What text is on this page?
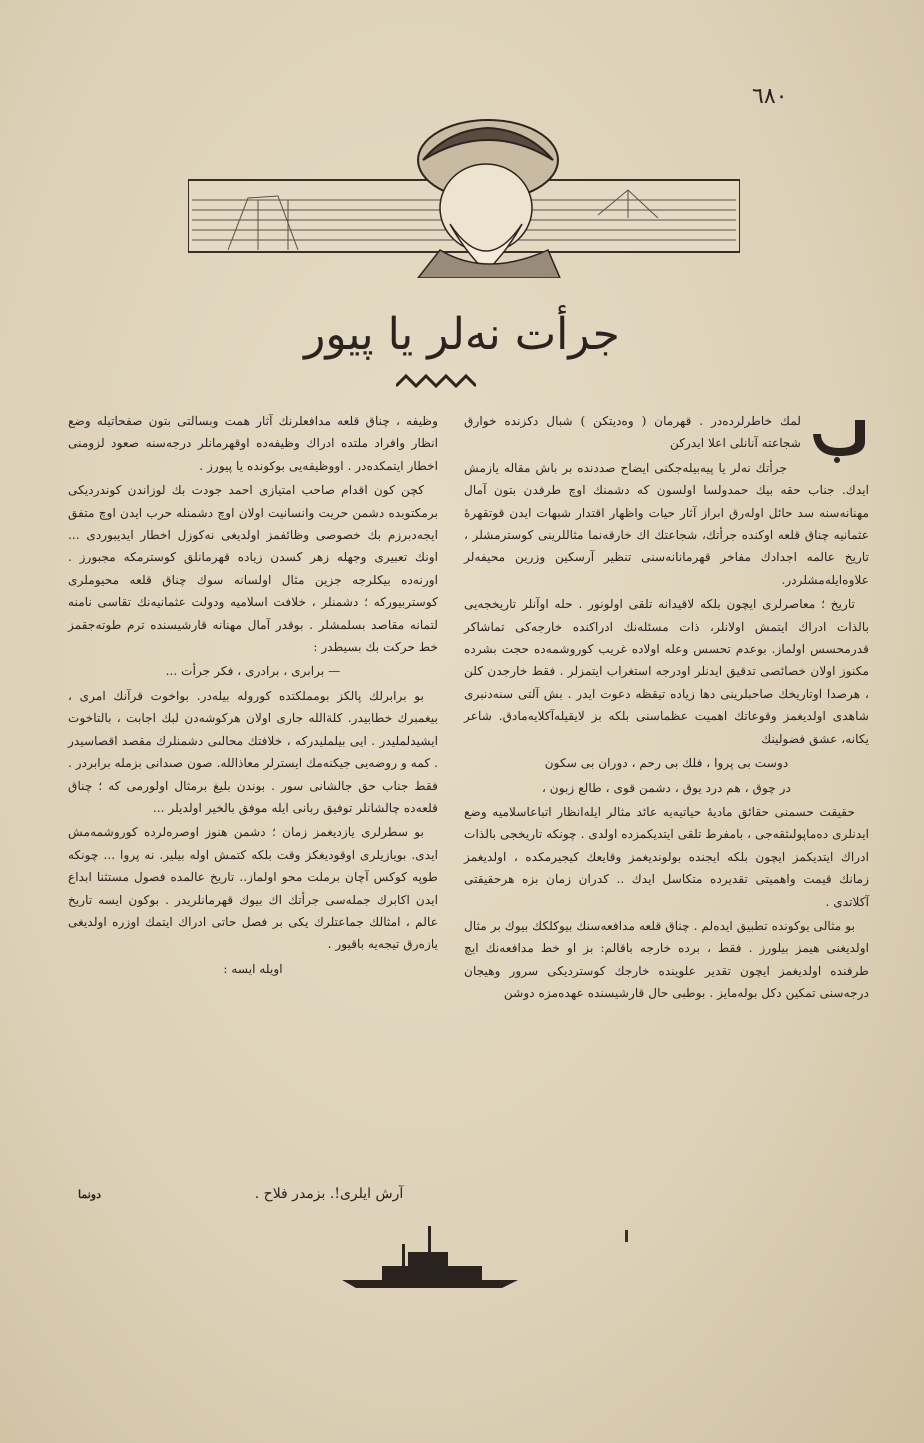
٦٨٠
جرأت نەلر يا پيور

لمك خاطرلردەدر . قهرمان ( وەدیتكن ) شبال دكزندە خوارق شجاعتە آنانلى اعلا ايدركن

جرأتك نەلر يا پيەبيلەجكنى ايضاح صددندە بر باش مقالە يازمش ايدك. جناب حقه بيك حمدولسا اولسون كە دشمنك اوچ طرفدن بتون آمال مهنانەسنە سد حائل اولەرق ابراز آثار حيات واظهار اقتدار شبهات ايدن قوتقهرۀ عثمانيه چناق قلعە اوكندە جرأتك، شجاعتك اك خارقەنما مثاللرينى كوسترمشلر ، تاريخ عالمه اجدادك مفاخر قهرمانانەسنى تنظير آرسكين وزرين محيفەلر علاوەايلەمشلردر.

تاريخ ؛ معاصرلرى ايچون بلكه لاقيدانه تلقى اولونور . حله اوآنلر تاريخجەيى بالذات ادراك ايتمش اولانلر، ذات مسئلەنك ادراكنده خارجەكى تماشاكر قدرمحسس اولماز. بوعدم تحسس وعلە اولادە غريب كوروشمەدە حجت بشرده مكنوز اولان خصائصى تدقيق ايدنلر اودرجه استغراب ايتمزلر . فقط خارجدن كلن ، هرصدا اوتاريخك صاحبلرينى دها زيادە تيقظه دعوت ايدر . بش آلتى سنەدنبرى شاهدى اولديغمز وقوعاتك اهميت عظماسنى بلكه بز لايقيلەآكلايەمادق. شاعر يكانه، عشق فضولينك

دوست بى پروا ، فلك بى رحم ، دوران بى سكون

در چوق ، هم درد يوق ، دشمن قوى ، طالع زبون ،

حقيقت حسمنى حقائق ماديۀ حياتيەيە عائد مثالر ايلەانظار اتباعاسلاميه وضع ايدنلرى دەماپولىثقەجى ، بامفرط تلقى ايتديكمزدە اولدى . چونكه تاريخجى بالذات ادراك ايتديكمز ايچون بلكه ايجنده بولونديغمز وقايعك كيجيرمكده ، اولديغمز زمانك قيمت واهميتى تقديرده متكاسل ايدك .. كدران زمان بزه هرحقيقتى آكلاتدى .

بو مثالى يوكوندە تطبيق ايدەلم . چناق قلعه مدافعەسنك بيوكلكك بيوك بر مثال اولديغنى هيمز بيلورز . فقط ، بردە خارجه باقالم: بز او خط مدافعەنك ايچ طرفندە اولديغمز ايچون تقدير علوينده خارجك كوستردیکی سرور وهيجان درجەسنى تمكين دكل بولەمايز . بوطبى حال قارشيسنده عهدەمزه دوشن

وظيفه ، چناق قلعه مدافعلرنك آثار همت وبسالتى بتون صفحاتيلە وضع انظار وافراد ملتدە ادراك وظيفەدە اوقهرمانلر درجەسنە صعود لزومنى اخطار ايتمكدەدر . اووظيفەيى بوكوندە يا پيورز .

كچن كون اقدام صاحب امتيازى احمد جودت بك لوزاندن كوندرديكى برمكتوبدە دشمن حريت وانسانيت اولان اوچ دشمنلە حرب ايدن اوچ متفق ايجەدبرزم بك خصوصى وظائفمز اولديغى نەكوزل اخطار ايديبوردى ... اونك تعبيرى وجهلە زهر كسدن زيادە قهرمانلق كوسترمكه مجبورز . اورنەدە بيكلرجه جزين مثال اولسانە سوك چناق قلعه محيوملرى كوستربيوركه ؛ دشمنلر ، خلافت اسلاميه ودولت عثمانيەنك تقاسى نامنە لتمانە مقاصد بسلمشلر . بوقدر آمال مهنانە قارشيسنده ترم طوتەجقمز خط حركت بك بسيطدر :

— برابرى ، برادرى ، فكر جرأت ...

بو برابرلك پالكز بومملكتدە كوروله بيلەدر. بواخوت قرآنك امرى ، بيغمبرك خطابيدر. كلةالله جارى اولان هركوشەدن لبك اجابت ، بالتاخوت ايشيدلمليدر . ايى بيلمليدركه ، خلافتك محالىى دشمنلرك مقصد اقصاسيدر . كمه و روضەيى جيكنەمك ايسترلر معاذالله. صون صىدانى بزمله برابردر . فقط جناب حق جالشانى سور . بوندن بليغ برمثال اولورمى كه ؛ چناق قلعەدە چالشانلر توفيق ربانى ايلە موفق بالخير اولديلر ...

بو سطرلرى يازديغمز زمان ؛ دشمن هنوز اوصرەلردە كوروشمەمش ايدى. بويازيلرى اوقوديغكز وقت بلكه كتمش اوله بيلير. نه پروا ... چونكه طوپه كوكس آچان برملت محو اولماز.. تاريخ عالمده فصول مستثنا ابداع ايدن اكابرك جملەسى جرأتك اك بيوك قهرمانلريدر . بوكون ايسه تاريخ عالم ، امثالك جماعتلرك يكى بر فصل حاتى ادراك ايتمك اوزرە اولديغى يازەرق تيجەيە باقيور .

اويله ايسه :

آرش ايلرى!. بزمدر فلاح .
دونما
